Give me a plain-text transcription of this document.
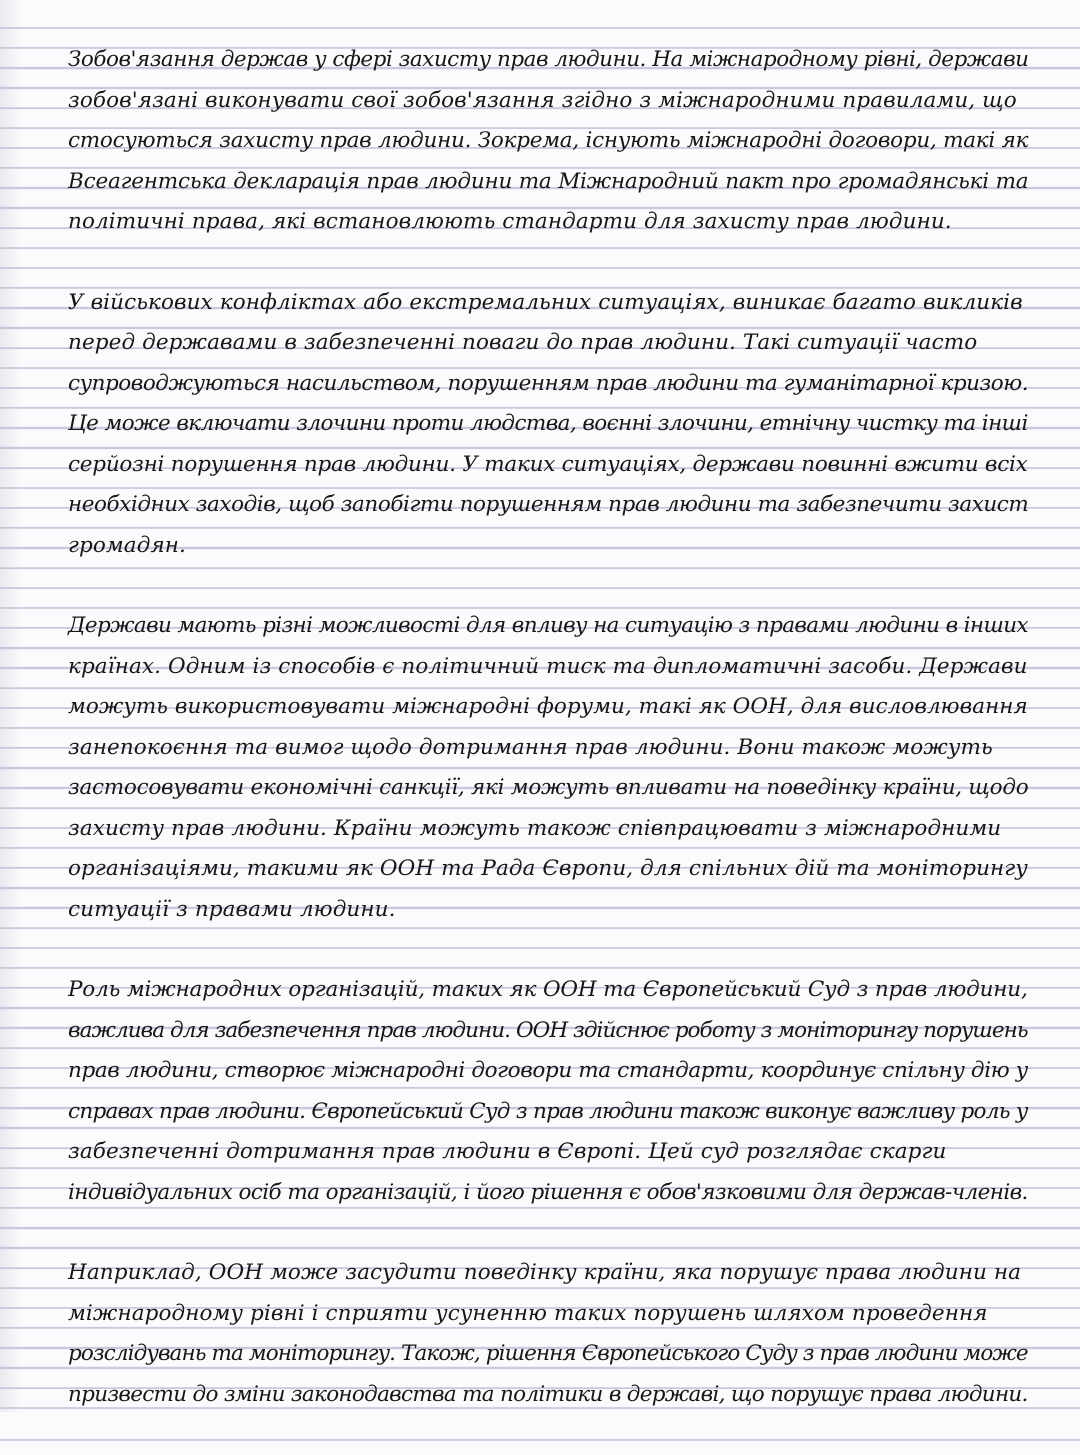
Зобов'язання держав у сфері захисту прав людини. На міжнародному рівні, держави
зобов'язані виконувати свої зобов'язання згідно з міжнародними правилами, що
стосуються захисту прав людини. Зокрема, існують міжнародні договори, такі як
Всеагентська декларація прав людини та Міжнародний пакт про громадянські та
політичні права, які встановлюють стандарти для захисту прав людини.
У військових конфліктах або екстремальних ситуаціях, виникає багато викликів
перед державами в забезпеченні поваги до прав людини. Такі ситуації часто
супроводжуються насильством, порушенням прав людини та гуманітарної кризою.
Це може включати злочини проти людства, воєнні злочини, етнічну чистку та інші
серйозні порушення прав людини. У таких ситуаціях, держави повинні вжити всіх
необхідних заходів, щоб запобігти порушенням прав людини та забезпечити захист
громадян.
Держави мають різні можливості для впливу на ситуацію з правами людини в інших
країнах. Одним із способів є політичний тиск та дипломатичні засоби. Держави
можуть використовувати міжнародні форуми, такі як ООН, для висловлювання
занепокоєння та вимог щодо дотримання прав людини. Вони також можуть
застосовувати економічні санкції, які можуть впливати на поведінку країни, щодо
захисту прав людини. Країни можуть також співпрацювати з міжнародними
організаціями, такими як ООН та Рада Європи, для спільних дій та моніторингу
ситуації з правами людини.
Роль міжнародних організацій, таких як ООН та Європейський Суд з прав людини,
важлива для забезпечення прав людини. ООН здійснює роботу з моніторингу порушень
прав людини, створює міжнародні договори та стандарти, координує спільну дію у
справах прав людини. Європейський Суд з прав людини також виконує важливу роль у
забезпеченні дотримання прав людини в Європі. Цей суд розглядає скарги
індивідуальних осіб та організацій, і його рішення є обов'язковими для держав-членів.
Наприклад, ООН може засудити поведінку країни, яка порушує права людини на
міжнародному рівні і сприяти усуненню таких порушень шляхом проведення
розслідувань та моніторингу. Також, рішення Європейського Суду з прав людини може
призвести до зміни законодавства та політики в державі, що порушує права людини.
